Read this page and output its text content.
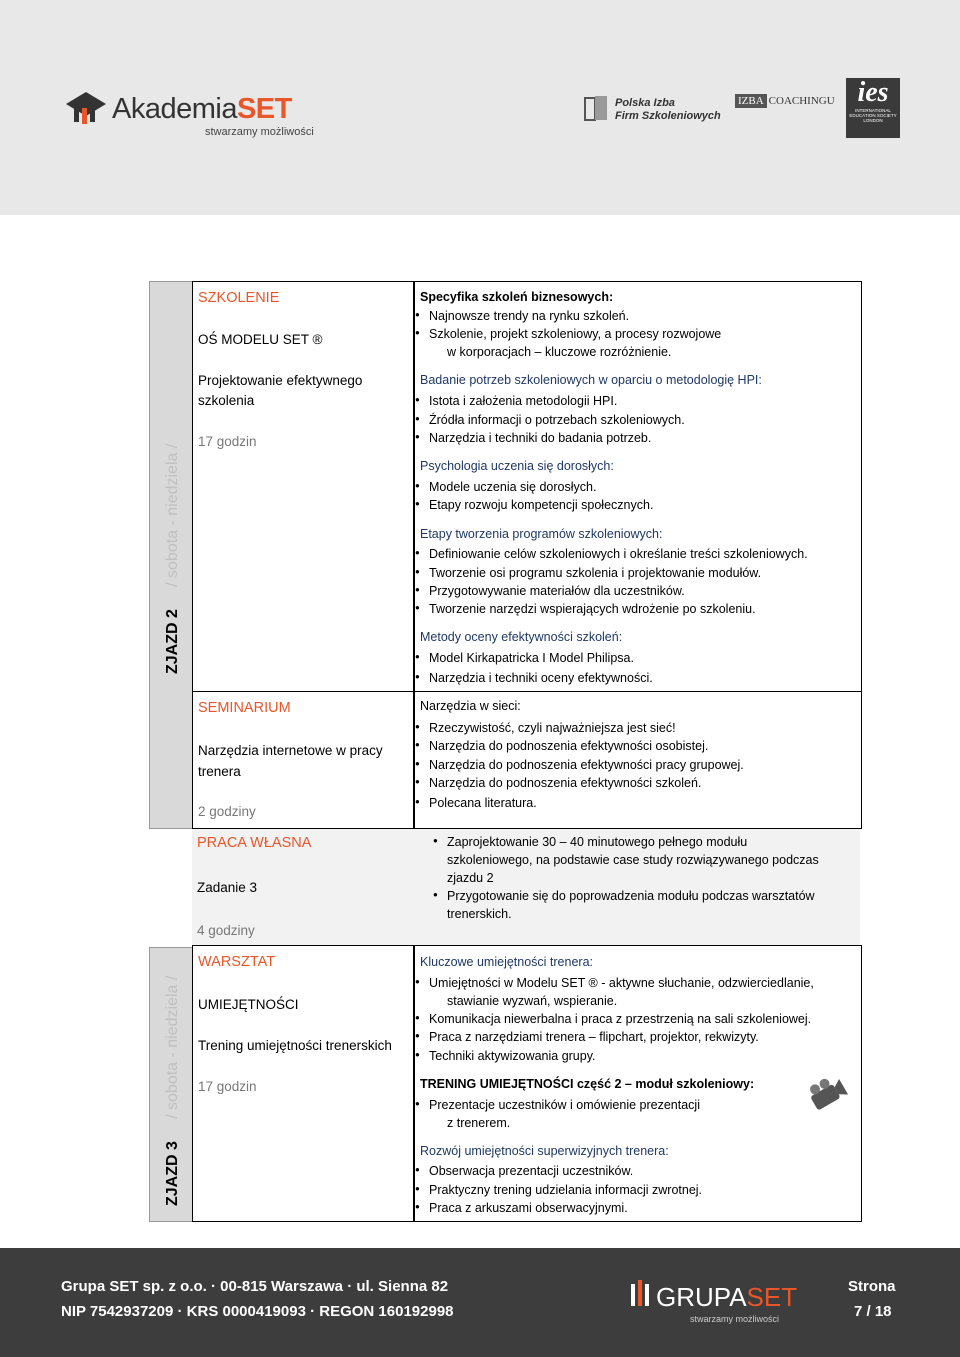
AkademiaSET
stwarzamy możliwości
Polska Izba
Firm Szkoleniowych
IZBA COACHINGU ies
INTERNATIONAL EDUCATION SOCIETY LONDON
ZJAZD 2     / sobota - niedziela /
ZJAZD 3     / sobota - niedziela /
SZKOLENIE
OŚ MODELU SET ®
Projektowanie efektywnego
szkolenia
17 godzin
SEMINARIUM
Narzędzia internetowe w pracy
trenera
2 godziny
PRACA WŁASNA
Zadanie 3
4 godziny
WARSZTAT
UMIEJĘTNOŚCI
Trening umiejętności trenerskich
17 godzin
Specyfika szkoleń biznesowych:
● Najnowsze trendy na rynku szkoleń.
● Szkolenie, projekt szkoleniowy, a procesy rozwojowe
w korporacjach – kluczowe rozróżnienie.
Badanie potrzeb szkoleniowych w oparciu o metodologię HPI:
● Istota i założenia metodologii HPI.
● Źródła informacji o potrzebach szkoleniowych.
● Narzędzia i techniki do badania potrzeb.
Psychologia uczenia się dorosłych:
● Modele uczenia się dorosłych.
● Etapy rozwoju kompetencji społecznych.
Etapy tworzenia programów szkoleniowych:
● Definiowanie celów szkoleniowych i określanie treści szkoleniowych.
● Tworzenie osi programu szkolenia i projektowanie modułów.
● Przygotowywanie materiałów dla uczestników.
● Tworzenie narzędzi wspierających wdrożenie po szkoleniu.
Metody oceny efektywności szkoleń:
● Model Kirkapatricka I Model Philipsa.
● Narzędzia i techniki oceny efektywności.
Narzędzia w sieci:
● Rzeczywistość, czyli najważniejsza jest sieć!
● Narzędzia do podnoszenia efektywności osobistej.
● Narzędzia do podnoszenia efektywności pracy grupowej.
● Narzędzia do podnoszenia efektywności szkoleń.
● Polecana literatura.
● Zaprojektowanie 30 – 40 minutowego pełnego modułu
szkoleniowego, na podstawie case study rozwiązywanego podczas
zjazdu 2
● Przygotowanie się do poprowadzenia modułu podczas warsztatów
trenerskich.
Kluczowe umiejętności trenera:
● Umiejętności w Modelu SET ® - aktywne słuchanie, odzwierciedlanie,
stawianie wyzwań, wspieranie.
● Komunikacja niewerbalna i praca z przestrzenią na sali szkoleniowej.
● Praca z narzędziami trenera – flipchart, projektor, rekwizyty.
● Techniki aktywizowania grupy.
TRENING UMIEJĘTNOŚCI część 2 – moduł szkoleniowy:
● Prezentacje uczestników i omówienie prezentacji
z trenerem.
Rozwój umiejętności superwizyjnych trenera:
● Obserwacja prezentacji uczestników.
● Praktyczny trening udzielania informacji zwrotnej.
● Praca z arkuszami obserwacyjnymi.
Grupa SET sp. z o.o. · 00-815 Warszawa · ul. Sienna 82
NIP 7542937209 · KRS 0000419093 · REGON 160192998	GRUPASET
stwarzamy możliwości
Strona
7 / 18
